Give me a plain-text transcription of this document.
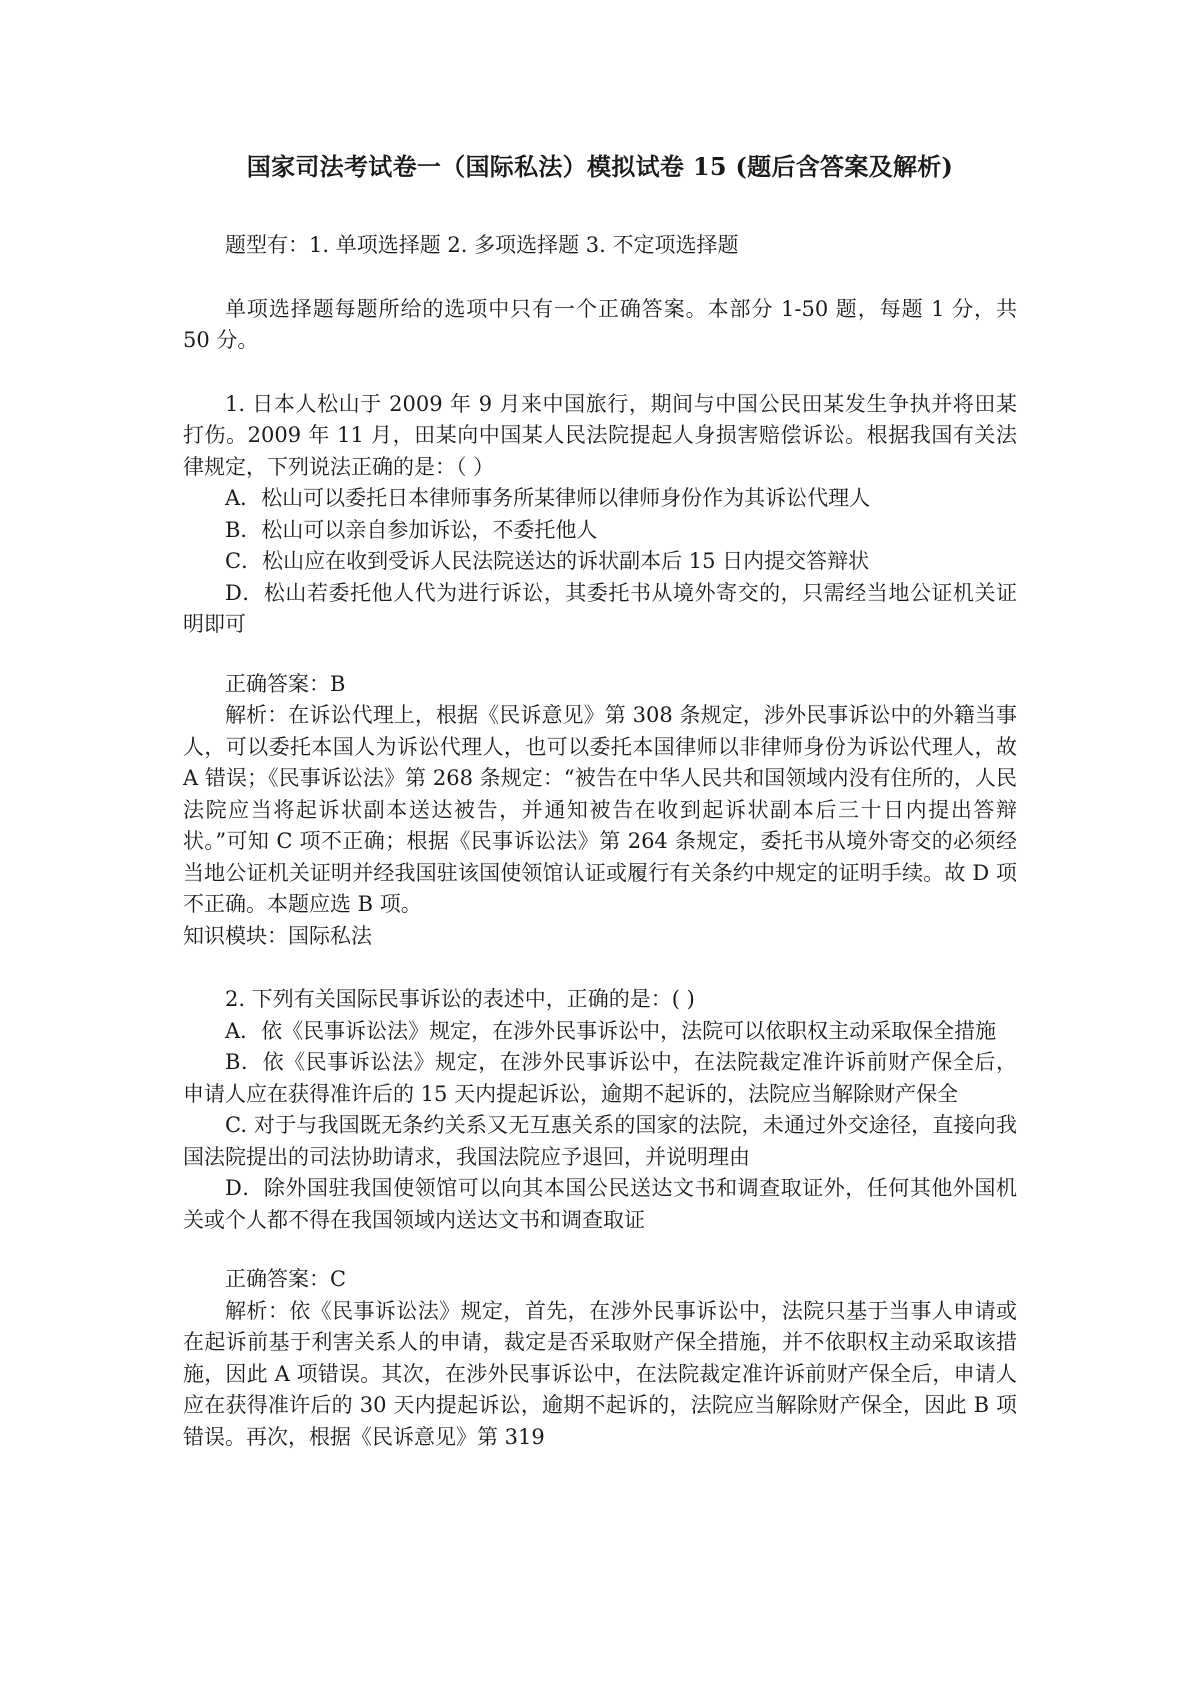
国家司法考试卷一（国际私法）模拟试卷 15 (题后含答案及解析)

题型有：1. 单项选择题 2. 多项选择题 3. 不定项选择题

单项选择题每题所给的选项中只有一个正确答案。本部分 1-50 题，每题 1 分，共 50 分。

1. 日本人松山于 2009 年 9 月来中国旅行，期间与中国公民田某发生争执并将田某打伤。2009 年 11 月，田某向中国某人民法院提起人身损害赔偿诉讼。根据我国有关法律规定，下列说法正确的是：（ ）

A．松山可以委托日本律师事务所某律师以律师身份作为其诉讼代理人

B．松山可以亲自参加诉讼，不委托他人

C．松山应在收到受诉人民法院送达的诉状副本后 15 日内提交答辩状

D．松山若委托他人代为进行诉讼，其委托书从境外寄交的，只需经当地公证机关证明即可

正确答案：B

解析：在诉讼代理上，根据《民诉意见》第 308 条规定，涉外民事诉讼中的外籍当事人，可以委托本国人为诉讼代理人，也可以委托本国律师以非律师身份为诉讼代理人，故 A 错误；《民事诉讼法》第 268 条规定：“被告在中华人民共和国领域内没有住所的，人民法院应当将起诉状副本送达被告，并通知被告在收到起诉状副本后三十日内提出答辩状。”可知 C 项不正确；根据《民事诉讼法》第 264 条规定，委托书从境外寄交的必须经当地公证机关证明并经我国驻该国使领馆认证或履行有关条约中规定的证明手续。故 D 项不正确。本题应选 B 项。

知识模块：国际私法

2. 下列有关国际民事诉讼的表述中，正确的是：( )

A．依《民事诉讼法》规定，在涉外民事诉讼中，法院可以依职权主动采取保全措施

B．依《民事诉讼法》规定，在涉外民事诉讼中，在法院裁定准许诉前财产保全后，申请人应在获得准许后的 15 天内提起诉讼，逾期不起诉的，法院应当解除财产保全

C. 对于与我国既无条约关系又无互惠关系的国家的法院，未通过外交途径，直接向我国法院提出的司法协助请求，我国法院应予退回，并说明理由

D．除外国驻我国使领馆可以向其本国公民送达文书和调查取证外，任何其他外国机关或个人都不得在我国领域内送达文书和调查取证

正确答案：C

解析：依《民事诉讼法》规定，首先，在涉外民事诉讼中，法院只基于当事人申请或在起诉前基于利害关系人的申请，裁定是否采取财产保全措施，并不依职权主动采取该措施，因此 A 项错误。其次，在涉外民事诉讼中，在法院裁定准许诉前财产保全后，申请人应在获得准许后的 30 天内提起诉讼，逾期不起诉的，法院应当解除财产保全，因此 B 项错误。再次，根据《民诉意见》第 319
